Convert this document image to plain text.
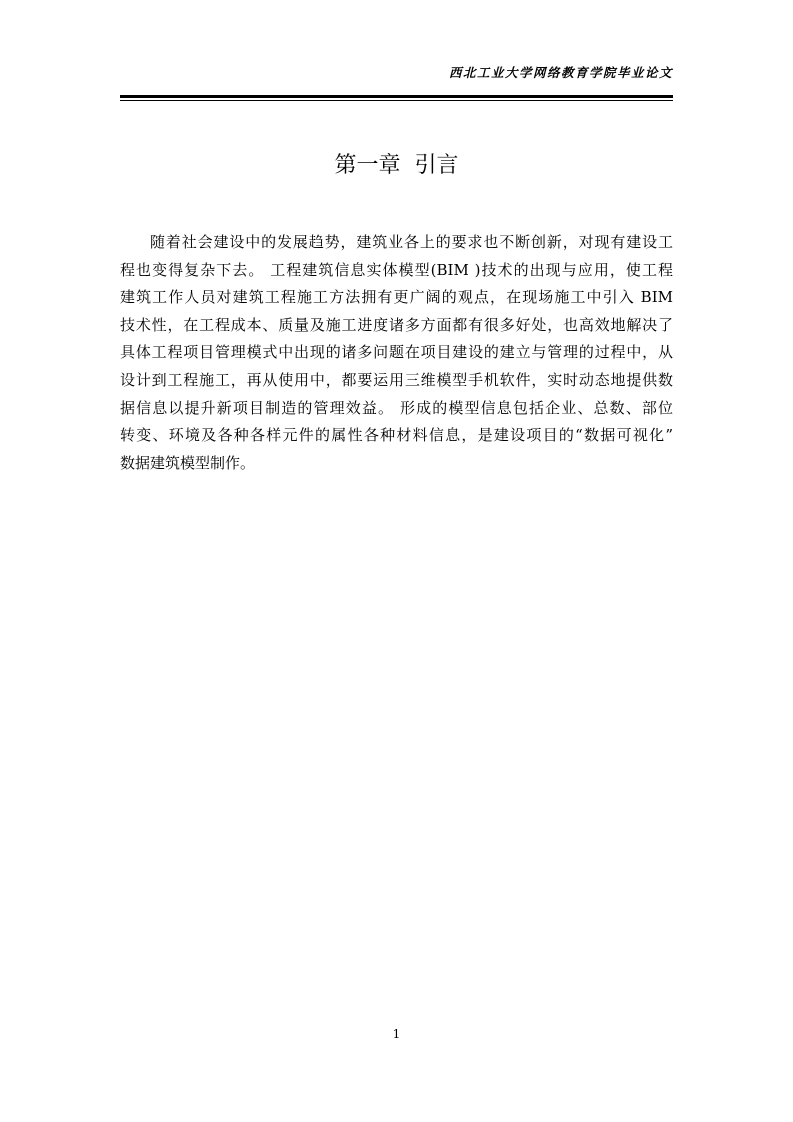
西北工业大学网络教育学院毕业论文
第一章  引言
随着社会建设中的发展趋势，建筑业各上的要求也不断创新，对现有建设工
程也变得复杂下去。 工程建筑信息实体模型(BIM )技术的出现与应用，使工程
建筑工作人员对建筑工程施工方法拥有更广阔的观点，在现场施工中引入 BIM
技术性，在工程成本、质量及施工进度诸多方面都有很多好处，也高效地解决了
具体工程项目管理模式中出现的诸多问题在项目建设的建立与管理的过程中，从
设计到工程施工，再从使用中，都要运用三维模型手机软件，实时动态地提供数
据信息以提升新项目制造的管理效益。 形成的模型信息包括企业、总数、部位
转变、环境及各种各样元件的属性各种材料信息，是建设项目的“数据可视化”
数据建筑模型制作。
1
